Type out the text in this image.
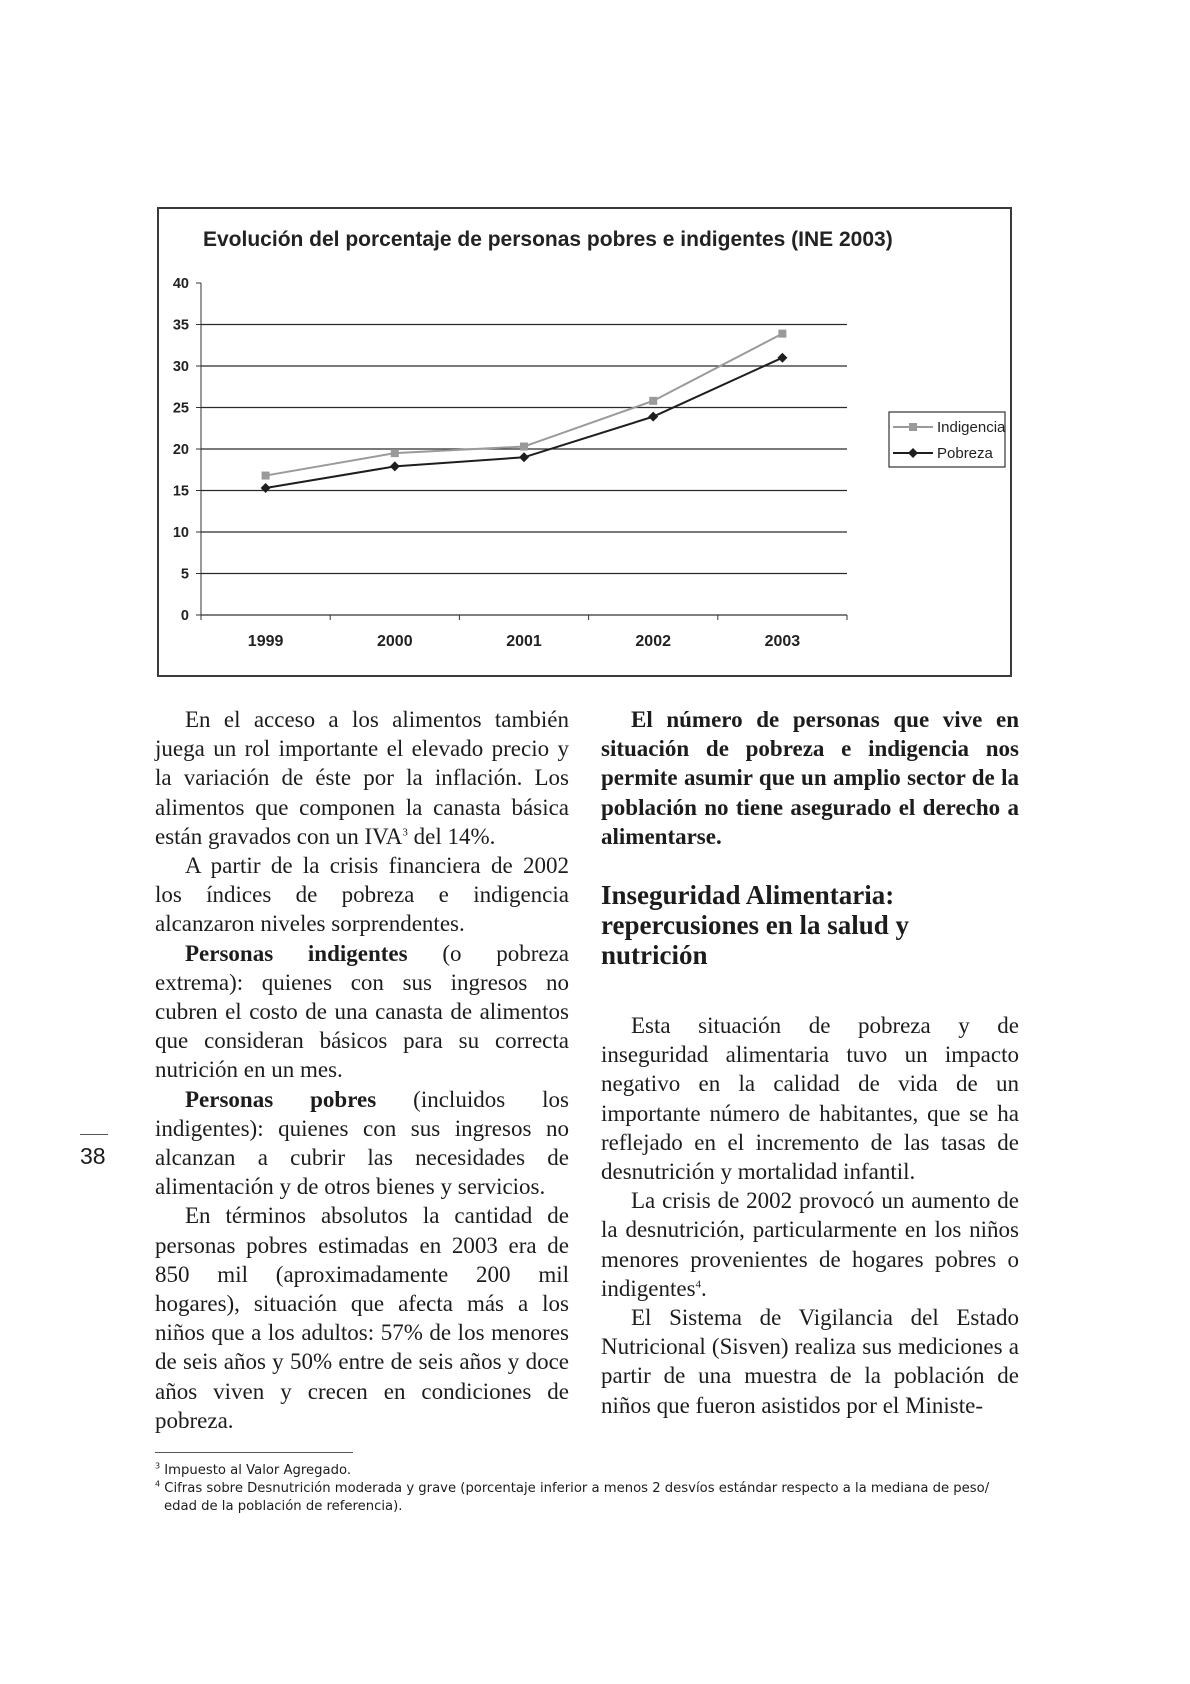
Evolución del porcentaje de personas pobres e indigentes (INE 2003)
0
5
10
15
20
25
30
35
40
1999	2000	2001	2002	2003
Indigencia
Pobreza

En el acceso a los alimentos también juega un rol importante el elevado precio y la variación de éste por la inflación. Los alimentos que componen la canasta básica están gravados con un IVA$^3$ del 14%.

A partir de la crisis financiera de 2002 los índices de pobreza e indigencia alcanzaron niveles sorprendentes.

Personas indigentes (o pobreza extrema): quienes con sus ingresos no cubren el costo de una canasta de alimentos que consideran básicos para su correcta nutrición en un mes.

Personas pobres (incluidos los indigentes): quienes con sus ingresos no alcanzan a cubrir las necesidades de alimentación y de otros bienes y servicios.

En términos absolutos la cantidad de personas pobres estimadas en 2003 era de 850 mil (aproximadamente 200 mil hogares), situación que afecta más a los niños que a los adultos: 57% de los menores de seis años y 50% entre de seis años y doce años viven y crecen en condiciones de pobreza.

El número de personas que vive en situación de pobreza e indigencia nos permite asumir que un amplio sector de la población no tiene asegurado el derecho a alimentarse.

Inseguridad Alimentaria:
repercusiones en la salud y
nutrición

Esta situación de pobreza y de inseguridad alimentaria tuvo un impacto negativo en la calidad de vida de un importante número de habitantes, que se ha reflejado en el incremento de las tasas de desnutrición y mortalidad infantil.

La crisis de 2002 provocó un aumento de la desnutrición, particularmente en los niños menores provenientes de hogares pobres o indigentes$^4$.

El Sistema de Vigilancia del Estado Nutricional (Sisven) realiza sus mediciones a partir de una muestra de la población de niños que fueron asistidos por el Ministe-

38

$^3$ Impuesto al Valor Agregado.

$^4$ Cifras sobre Desnutrición moderada y grave (porcentaje inferior a menos 2 desvíos estándar respecto a la mediana de peso/ edad de la población de referencia).
